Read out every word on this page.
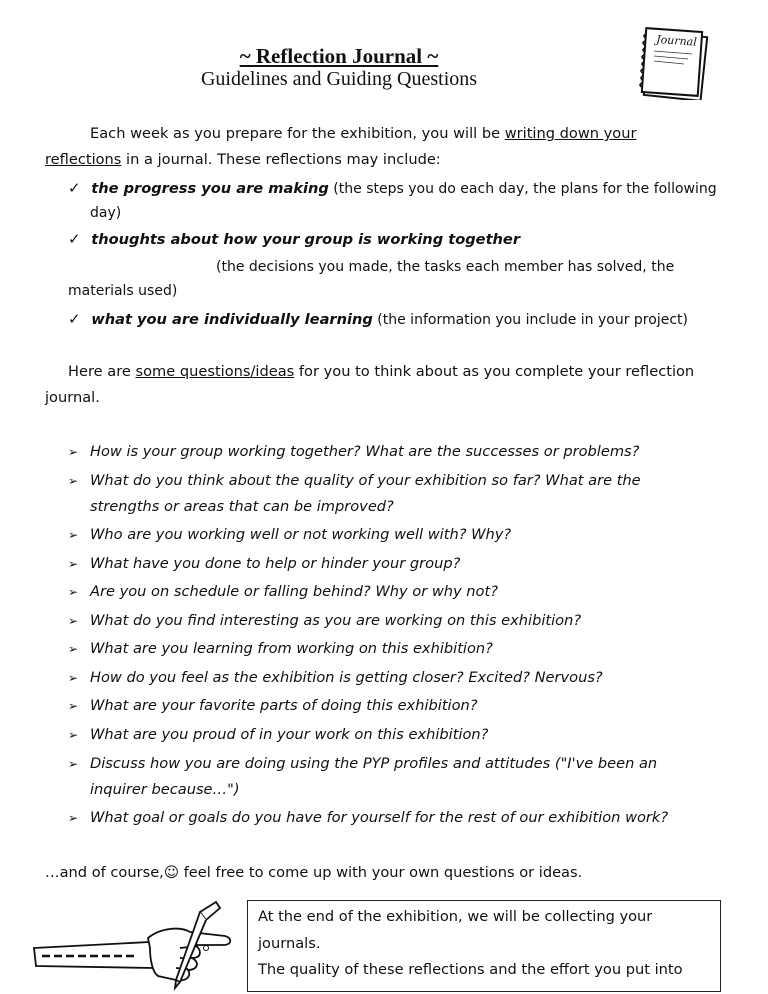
~ Reflection Journal ~
Guidelines and Guiding Questions
Journal
Each week as you prepare for the exhibition, you will be writing down your
reflections in a journal. These reflections may include:
✓ the progress you are making (the steps you do each day, the plans for the following
day)
✓ thoughts about how your group is working together
(the decisions you made, the tasks each member has solved, the
materials used)
✓ what you are individually learning (the information you include in your project)
Here are some questions/ideas for you to think about as you complete your reflection
journal.
➢ How is your group working together? What are the successes or problems?
➢ What do you think about the quality of your exhibition so far? What are the
strengths or areas that can be improved?
➢ Who are you working well or not working well with? Why?
➢ What have you done to help or hinder your group?
➢ Are you on schedule or falling behind? Why or why not?
➢ What do you find interesting as you are working on this exhibition?
➢ What are you learning from working on this exhibition?
➢ How do you feel as the exhibition is getting closer? Excited? Nervous?
➢ What are your favorite parts of doing this exhibition?
➢ What are you proud of in your work on this exhibition?
➢ Discuss how you are doing using the PYP profiles and attitudes ("I've been an
inquirer because…")
➢ What goal or goals do you have for yourself for the rest of our exhibition work?
…and of course,☺ feel free to come up with your own questions or ideas.
At the end of the exhibition, we will be collecting your
journals.
The quality of these reflections and the effort you put into
